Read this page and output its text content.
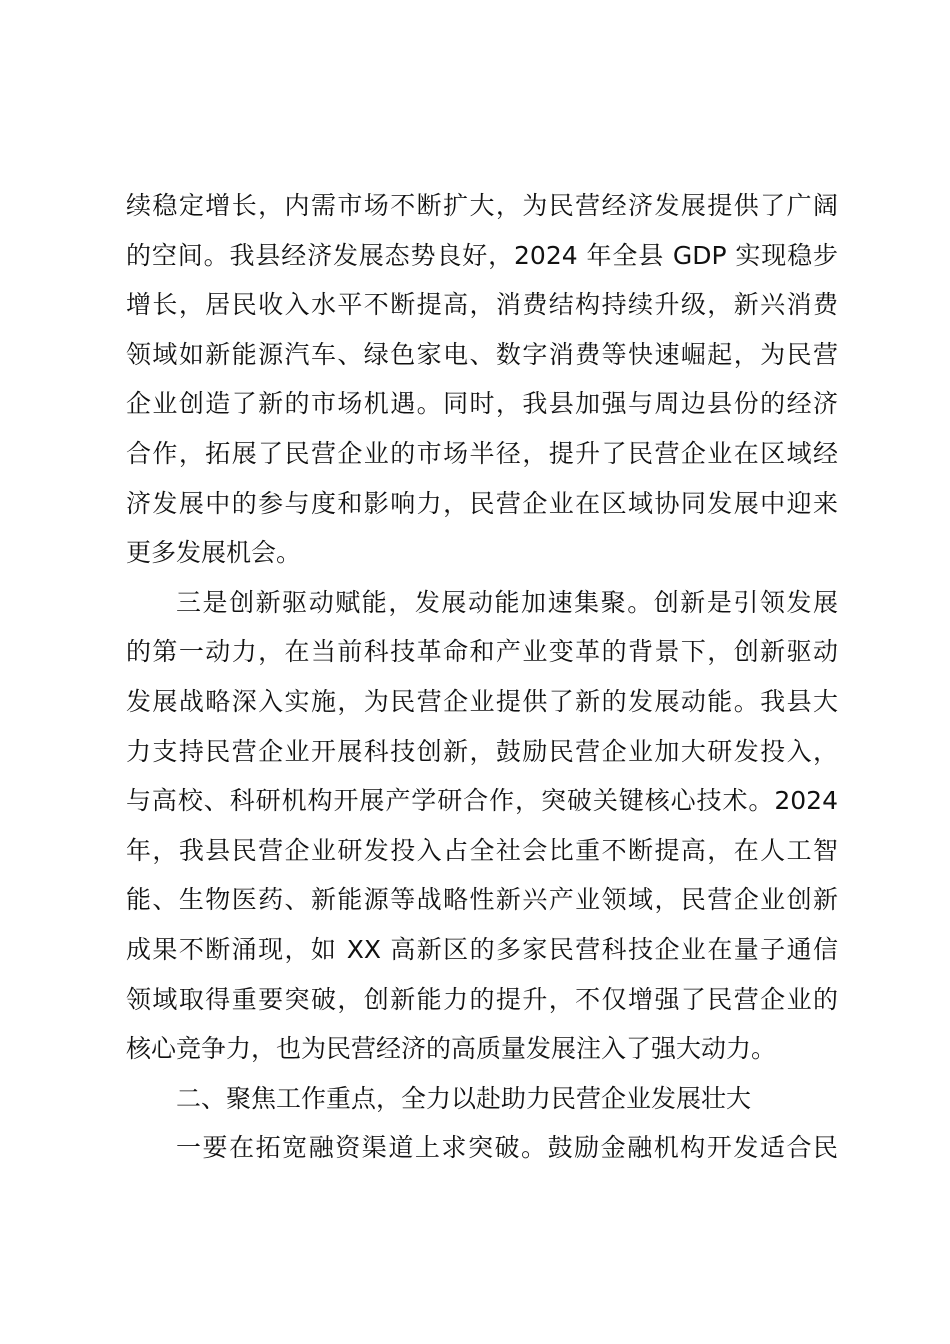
续稳定增长，内需市场不断扩大，为民营经济发展提供了广阔
的空间。我县经济发展态势良好，2024 年全县 GDP 实现稳步
增长，居民收入水平不断提高，消费结构持续升级，新兴消费
领域如新能源汽车、绿色家电、数字消费等快速崛起，为民营
企业创造了新的市场机遇。同时，我县加强与周边县份的经济
合作，拓展了民营企业的市场半径，提升了民营企业在区域经
济发展中的参与度和影响力，民营企业在区域协同发展中迎来
更多发展机会。
三是创新驱动赋能，发展动能加速集聚。创新是引领发展
的第一动力，在当前科技革命和产业变革的背景下，创新驱动
发展战略深入实施，为民营企业提供了新的发展动能。我县大
力支持民营企业开展科技创新，鼓励民营企业加大研发投入，
与高校、科研机构开展产学研合作，突破关键核心技术。2024
年，我县民营企业研发投入占全社会比重不断提高，在人工智
能、生物医药、新能源等战略性新兴产业领域，民营企业创新
成果不断涌现，如 XX 高新区的多家民营科技企业在量子通信
领域取得重要突破，创新能力的提升，不仅增强了民营企业的
核心竞争力，也为民营经济的高质量发展注入了强大动力。
二、聚焦工作重点，全力以赴助力民营企业发展壮大
一要在拓宽融资渠道上求突破。鼓励金融机构开发适合民
